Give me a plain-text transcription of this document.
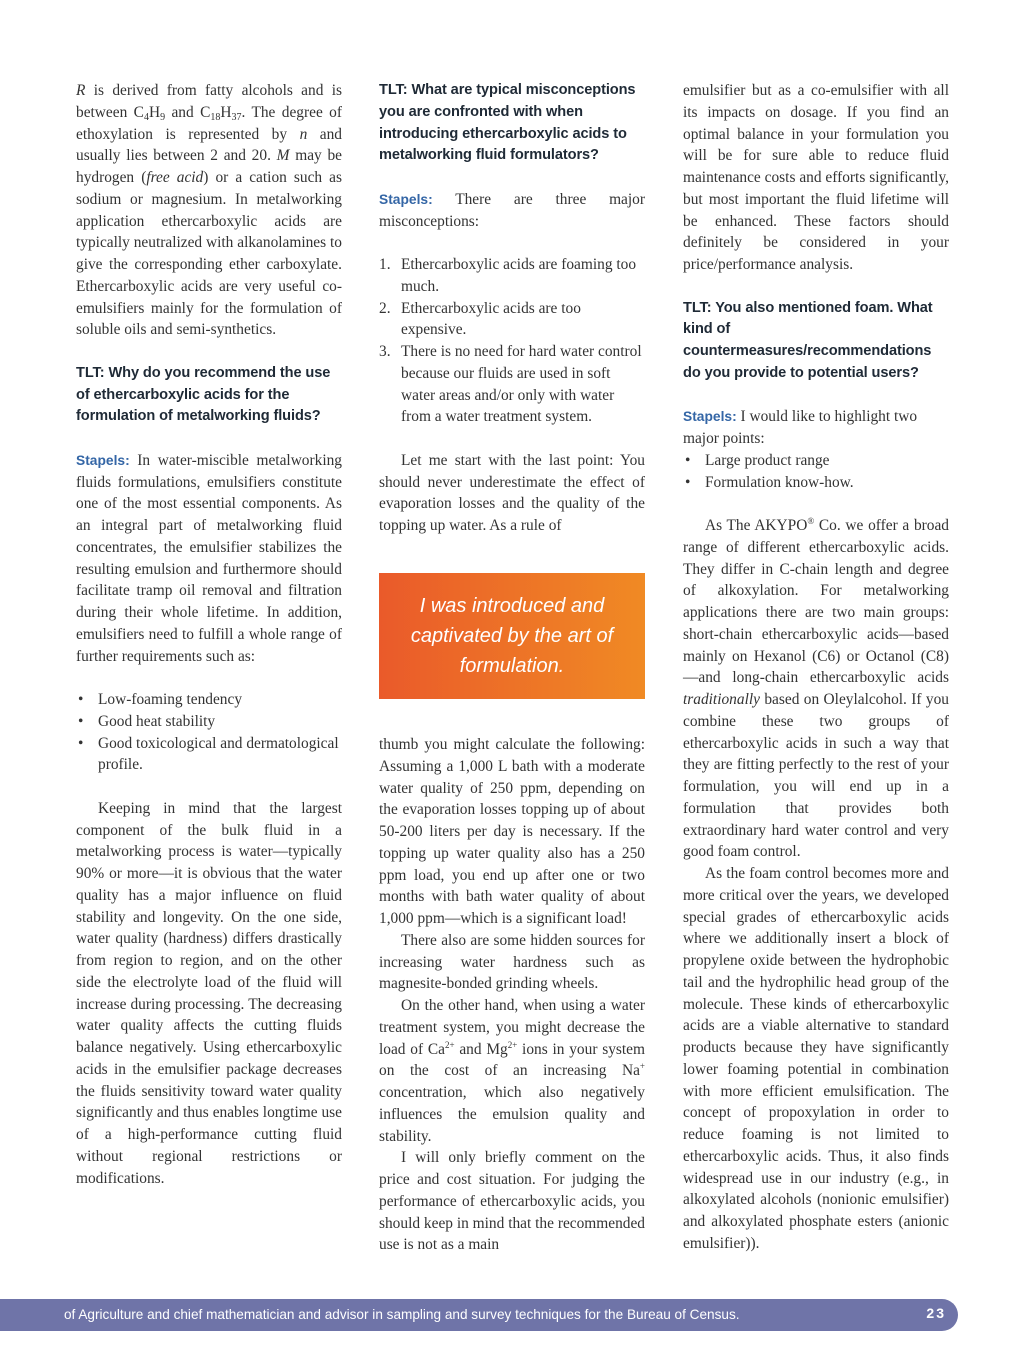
R is derived from fatty alcohols and is between $C_4H_9$ and $C_{18}H_{37}$. The degree of ethoxylation is represented by n and usually lies between 2 and 20. M may be hydrogen (free acid) or a cation such as sodium or magnesium. In metalworking application ethercarboxylic acids are typically neutralized with alkanolamines to give the corresponding ether carboxylate. Ethercarboxylic acids are very useful co-emulsifiers mainly for the formulation of soluble oils and semi-synthetics.

TLT: Why do you recommend the use of ethercarboxylic acids for the formulation of metalworking fluids?

Stapels: In water-miscible metalworking fluids formulations, emulsifiers constitute one of the most essential components. As an integral part of metalworking fluid concentrates, the emulsifier stabilizes the resulting emulsion and furthermore should facilitate tramp oil removal and filtration during their whole lifetime. In addition, emulsifiers need to fulfill a whole range of further requirements such as:

• Low-foaming tendency
• Good heat stability
• Good toxicological and dermatological profile.

Keeping in mind that the largest component of the bulk fluid in a metalworking process is water—typically 90% or more—it is obvious that the water quality has a major influence on fluid stability and longevity. On the one side, water quality (hardness) differs drastically from region to region, and on the other side the electrolyte load of the fluid will increase during processing. The decreasing water quality affects the cutting fluids balance negatively. Using ethercarboxylic acids in the emulsifier package decreases the fluids sensitivity toward water quality significantly and thus enables longtime use of a high-performance cutting fluid without regional restrictions or modifications.

TLT: What are typical misconceptions you are confronted with when introducing ethercarboxylic acids to metalworking fluid formulators?

Stapels: There are three major misconceptions:

1. Ethercarboxylic acids are foaming too much.
2. Ethercarboxylic acids are too expensive.
3. There is no need for hard water control because our fluids are used in soft water areas and/or only with water from a water treatment system.

Let me start with the last point: You should never underestimate the effect of evaporation losses and the quality of the topping up water. As a rule of

thumb you might calculate the following: Assuming a 1,000 L bath with a moderate water quality of 250 ppm, depending on the evaporation losses topping up of about 50-200 liters per day is necessary. If the topping up water quality also has a 250 ppm load, you end up after one or two months with bath water quality of about 1,000 ppm—which is a significant load!

There also are some hidden sources for increasing water hardness such as magnesite-bonded grinding wheels.

On the other hand, when using a water treatment system, you might decrease the load of $Ca^{2+}$ and $Mg^{2+}$ ions in your system on the cost of an increasing Na+ concentration, which also negatively influences the emulsion quality and stability.

I will only briefly comment on the price and cost situation. For judging the performance of ethercarboxylic acids, you should keep in mind that the recommended use is not as a main

I was introduced and captivated by the art of formulation.

emulsifier but as a co-emulsifier with all its impacts on dosage. If you find an optimal balance in your formulation you will be for sure able to reduce fluid maintenance costs and efforts significantly, but most important the fluid lifetime will be enhanced. These factors should definitely be considered in your price/performance analysis.

TLT: You also mentioned foam. What kind of countermeasures/recommendations do you provide to potential users?

Stapels: I would like to highlight two major points:

• Large product range
• Formulation know-how.

As The AKYPO® Co. we offer a broad range of different ethercarboxylic acids. They differ in C-chain length and degree of alkoxylation. For metalworking applications there are two main groups: short-chain ethercarboxylic acids—based mainly on Hexanol (C6) or Octanol (C8)—and long-chain ethercarboxylic acids traditionally based on Oleylalcohol. If you combine these two groups of ethercarboxylic acids in such a way that they are fitting perfectly to the rest of your formulation, you will end up in a formulation that provides both extraordinary hard water control and very good foam control.

As the foam control becomes more and more critical over the years, we developed special grades of ethercarboxylic acids where we additionally insert a block of propylene oxide between the hydrophobic tail and the hydrophilic head group of the molecule. These kinds of ethercarboxylic acids are a viable alternative to standard products because they have significantly lower foaming potential in combination with more efficient emulsification. The concept of propoxylation in order to reduce foaming is not limited to ethercarboxylic acids. Thus, it also finds widespread use in our industry (e.g., in alkoxylated alcohols (nonionic emulsifier) and alkoxylated phosphate esters (anionic emulsifier)).

of Agriculture and chief mathematician and advisor in sampling and survey techniques for the Bureau of Census.	23
